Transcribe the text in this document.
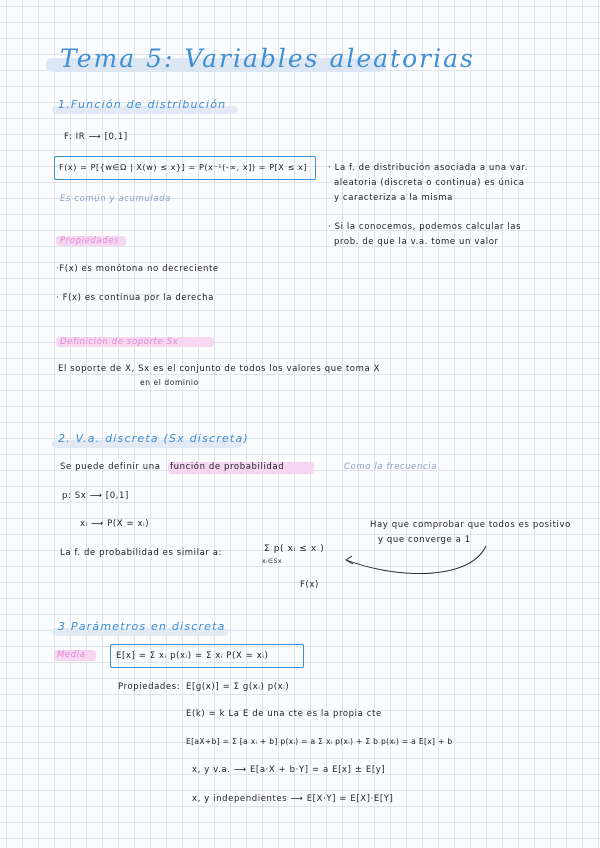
Tema 5: Variables aleatorias
1.Función de distribución
F: IR ⟶ [0,1]
F(x) = P[{w∈Ω | X(w) ≤ x}] = P(x⁻¹(-∞, x]) = P[X ≤ x]
Es común y acumulada
· La f. de distribución asociada a una var.
aleatoria (discreta o continua) es única
y caracteriza a la misma
· Si la conocemos, podemos calcular las
prob. de que la v.a. tome un valor
Propiedades
·F(x) es monótona no decreciente
· F(x) es continua por la derecha
Definición de soporte Sx
El soporte de X, Sx es el conjunto de todos los valores que toma X
en el dominio
2. V.a. discreta (Sx discreta)
Se puede definir una función de probabilidad	Como la frecuencia
p: Sx ⟶ [0,1]
xᵢ ⟶ P(X = xᵢ)
La f. de probabilidad es similar a:	Σ p( xᵢ ≤ x )
xᵢ∈Sx
F(x)
Hay que comprobar que todos es positivo
y que converge a 1
3 Parámetros en discreta
Media	E[x] = Σ xᵢ p(xᵢ) = Σ xᵢ P(X = xᵢ)
Propiedades: E[g(x)] = Σ g(xᵢ) p(xᵢ)
E(k) = k La E de una cte es la propia cte
E[aX+b] = Σ [a xᵢ + b] p(xᵢ) = a Σ xᵢ p(xᵢ) + Σ b p(xᵢ) = a E[x] + b
x, y v.a. ⟶ E[a·X + b·Y] = a E[x] ± E[y]
x, y independientes ⟶ E[X·Y] = E[X]·E[Y]
